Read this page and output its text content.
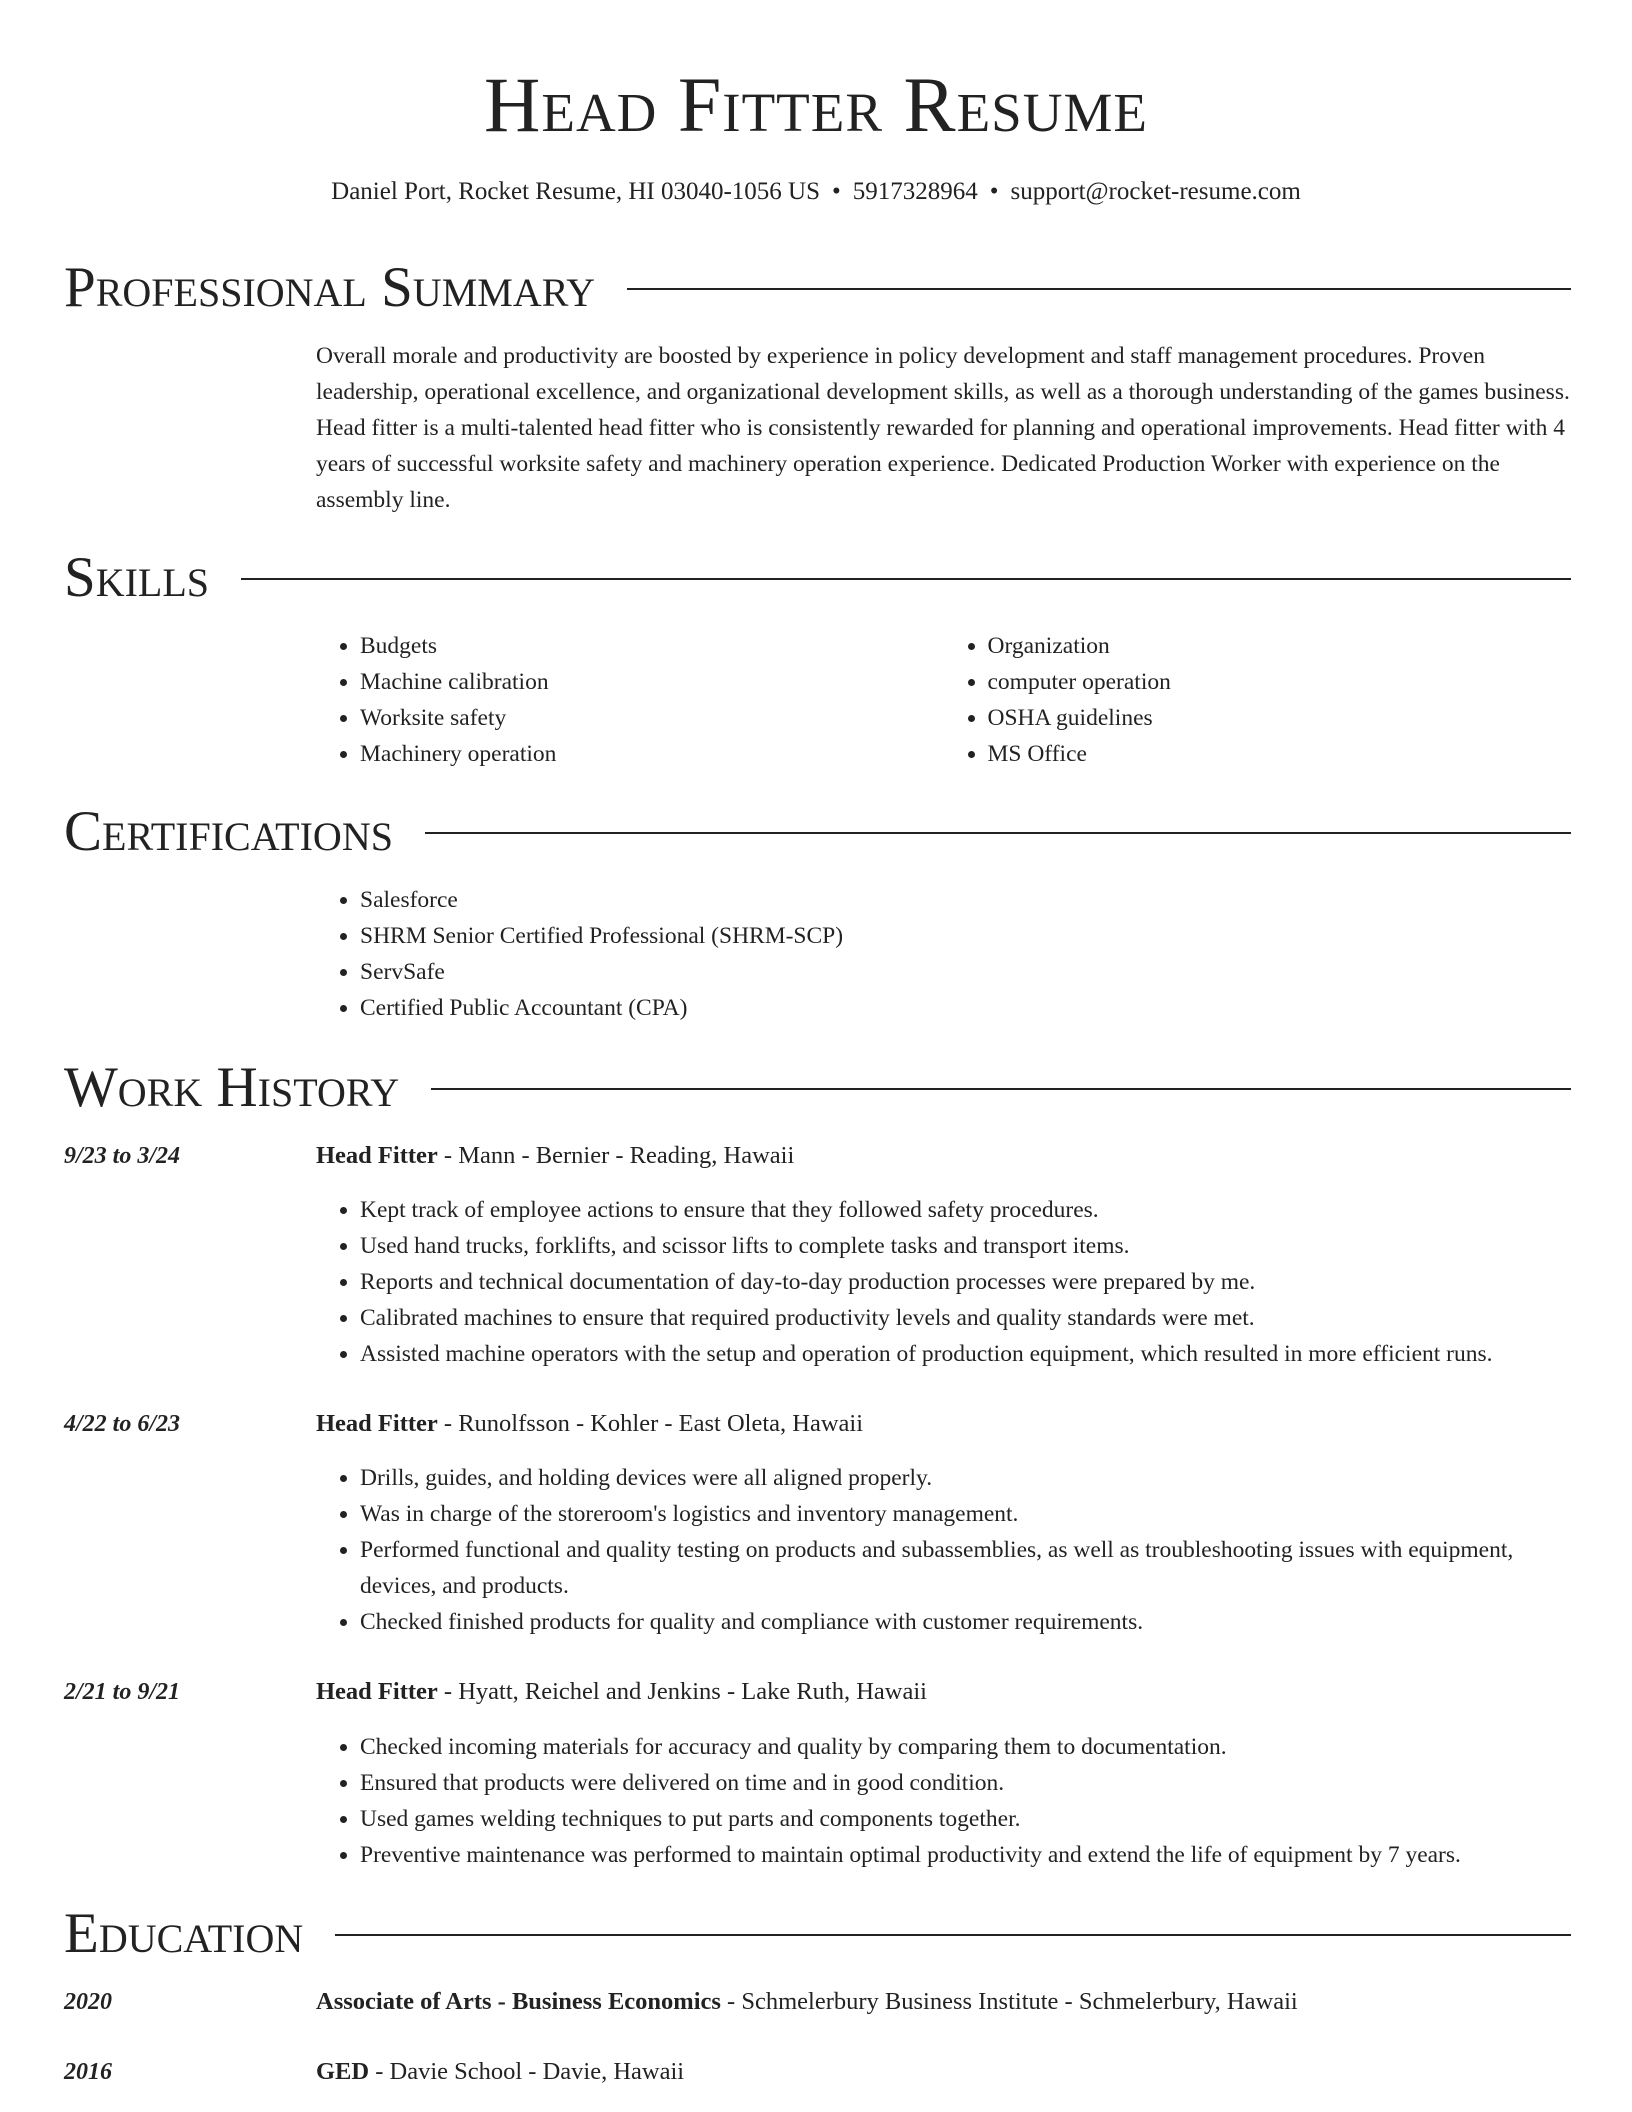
Head Fitter Resume
Daniel Port, Rocket Resume, HI 03040-1056 US • 5917328964 • support@rocket-resume.com
Professional Summary

Overall morale and productivity are boosted by experience in policy development and staff management procedures. Proven leadership, operational excellence, and organizational development skills, as well as a thorough understanding of the games business. Head fitter is a multi-talented head fitter who is consistently rewarded for planning and operational improvements. Head fitter with 4 years of successful worksite safety and machinery operation experience. Dedicated Production Worker with experience on the assembly line.

Skills
• Budgets
• Machine calibration
• Worksite safety
• Machinery operation
• Organization
• computer operation
• OSHA guidelines
• MS Office
Certifications
• Salesforce
• SHRM Senior Certified Professional (SHRM-SCP)
• ServSafe
• Certified Public Accountant (CPA)
Work History
9/23 to 3/24	Head Fitter - Mann - Bernier - Reading, Hawaii
• Kept track of employee actions to ensure that they followed safety procedures.
• Used hand trucks, forklifts, and scissor lifts to complete tasks and transport items.
• Reports and technical documentation of day-to-day production processes were prepared by me.
• Calibrated machines to ensure that required productivity levels and quality standards were met.
• Assisted machine operators with the setup and operation of production equipment, which resulted in more efficient runs.
4/22 to 6/23	Head Fitter - Runolfsson - Kohler - East Oleta, Hawaii
• Drills, guides, and holding devices were all aligned properly.
• Was in charge of the storeroom's logistics and inventory management.
• Performed functional and quality testing on products and subassemblies, as well as troubleshooting issues with equipment, devices, and products.
• Checked finished products for quality and compliance with customer requirements.
2/21 to 9/21	Head Fitter - Hyatt, Reichel and Jenkins - Lake Ruth, Hawaii
• Checked incoming materials for accuracy and quality by comparing them to documentation.
• Ensured that products were delivered on time and in good condition.
• Used games welding techniques to put parts and components together.
• Preventive maintenance was performed to maintain optimal productivity and extend the life of equipment by 7 years.
Education
2020	Associate of Arts - Business Economics - Schmelerbury Business Institute - Schmelerbury, Hawaii
2016	GED - Davie School - Davie, Hawaii
